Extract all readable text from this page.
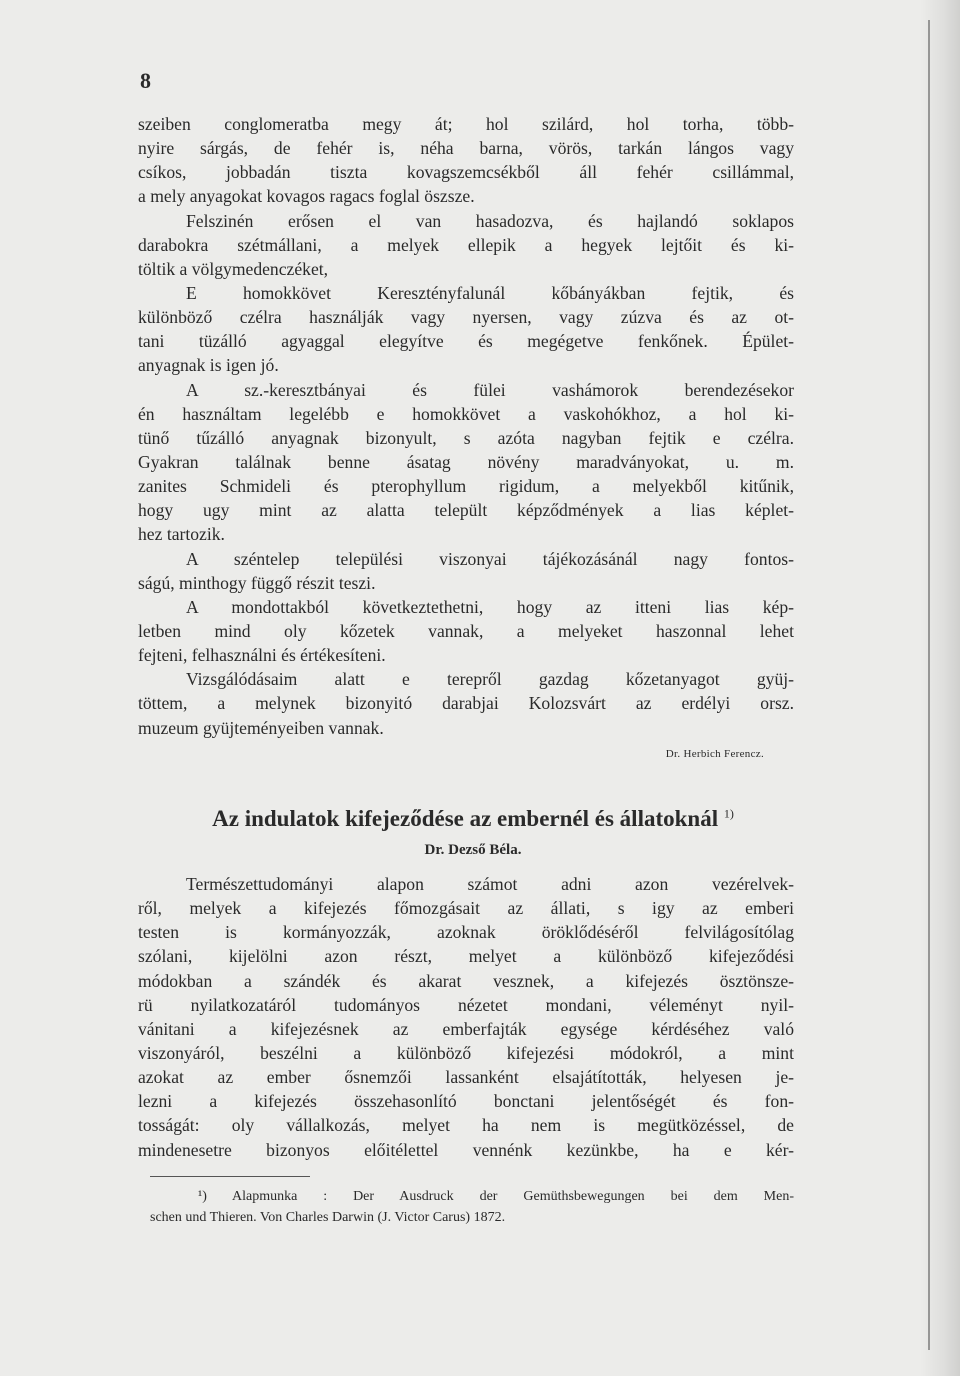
8
szeiben conglomeratba megy át; hol szilárd, hol torha, több-
nyire sárgás, de fehér is, néha barna, vörös, tarkán lángos vagy
csíkos, jobbadán tiszta kovagszemcsékből áll fehér csillámmal,
a mely anyagokat kovagos ragacs foglal öszsze.
Felszinén erősen el van hasadozva, és hajlandó soklapos
darabokra szétmállani, a melyek ellepik a hegyek lejtőit és ki-
töltik a völgymedenczéket,
E homokkövet Keresztényfalunál kőbányákban fejtik, és
különböző czélra használják vagy nyersen, vagy zúzva és az ot-
tani tüzálló agyaggal elegyítve és megégetve fenkőnek. Épület-
anyagnak is igen jó.
A sz.-keresztbányai és fülei vashámorok berendezésekor
én használtam legelébb e homokkövet a vaskohókhoz, a hol ki-
tünő tűzálló anyagnak bizonyult, s azóta nagyban fejtik e czélra.
Gyakran találnak benne ásatag növény maradványokat, u. m.
zanites Schmideli és pterophyllum rigidum, a melyekből kitűnik,
hogy ugy mint az alatta települt képződmények a lias képlet-
hez tartozik.
A széntelep települési viszonyai tájékozásánál nagy fontos-
ságú, minthogy függő részit teszi.
A mondottakból következtethetni, hogy az itteni lias kép-
letben mind oly kőzetek vannak, a melyeket haszonnal lehet
fejteni, felhasználni és értékesíteni.
Vizsgálódásaim alatt e terepről gazdag kőzetanyagot gyüj-
töttem, a melynek bizonyitó darabjai Kolozsvárt az erdélyi orsz.
muzeum gyüjteményeiben vannak.
Dr. Herbich Ferencz.
Az indulatok kifejeződése az embernél és állatoknál $^{1)}$
Dr. Dezső Béla.
Természettudományi alapon számot adni azon vezérelvek-
ről, melyek a kifejezés főmozgásait az állati, s igy az emberi
testen is kormányozzák, azoknak öröklődéséről felvilágosítólag
szólani, kijelölni azon részt, melyet a különböző kifejeződési
módokban a szándék és akarat vesznek, a kifejezés ösztönsze-
rü nyilatkozatáról tudományos nézetet mondani, véleményt nyil-
vánitani a kifejezésnek az emberfajták egysége kérdéséhez való
viszonyáról, beszélni a különböző kifejezési módokról, a mint
azokat az ember ősnemzői lassanként elsajátították, helyesen je-
lezni a kifejezés összehasonlító bonctani jelentőségét és fon-
tosságát: oly vállalkozás, melyet ha nem is megütközéssel, de
mindenesetre bizonyos előitélettel vennénk kezünkbe, ha e kér-
¹) Alapmunka : Der Ausdruck der Gemüthsbewegungen bei dem Men-
schen und Thieren. Von Charles Darwin (J. Victor Carus) 1872.
